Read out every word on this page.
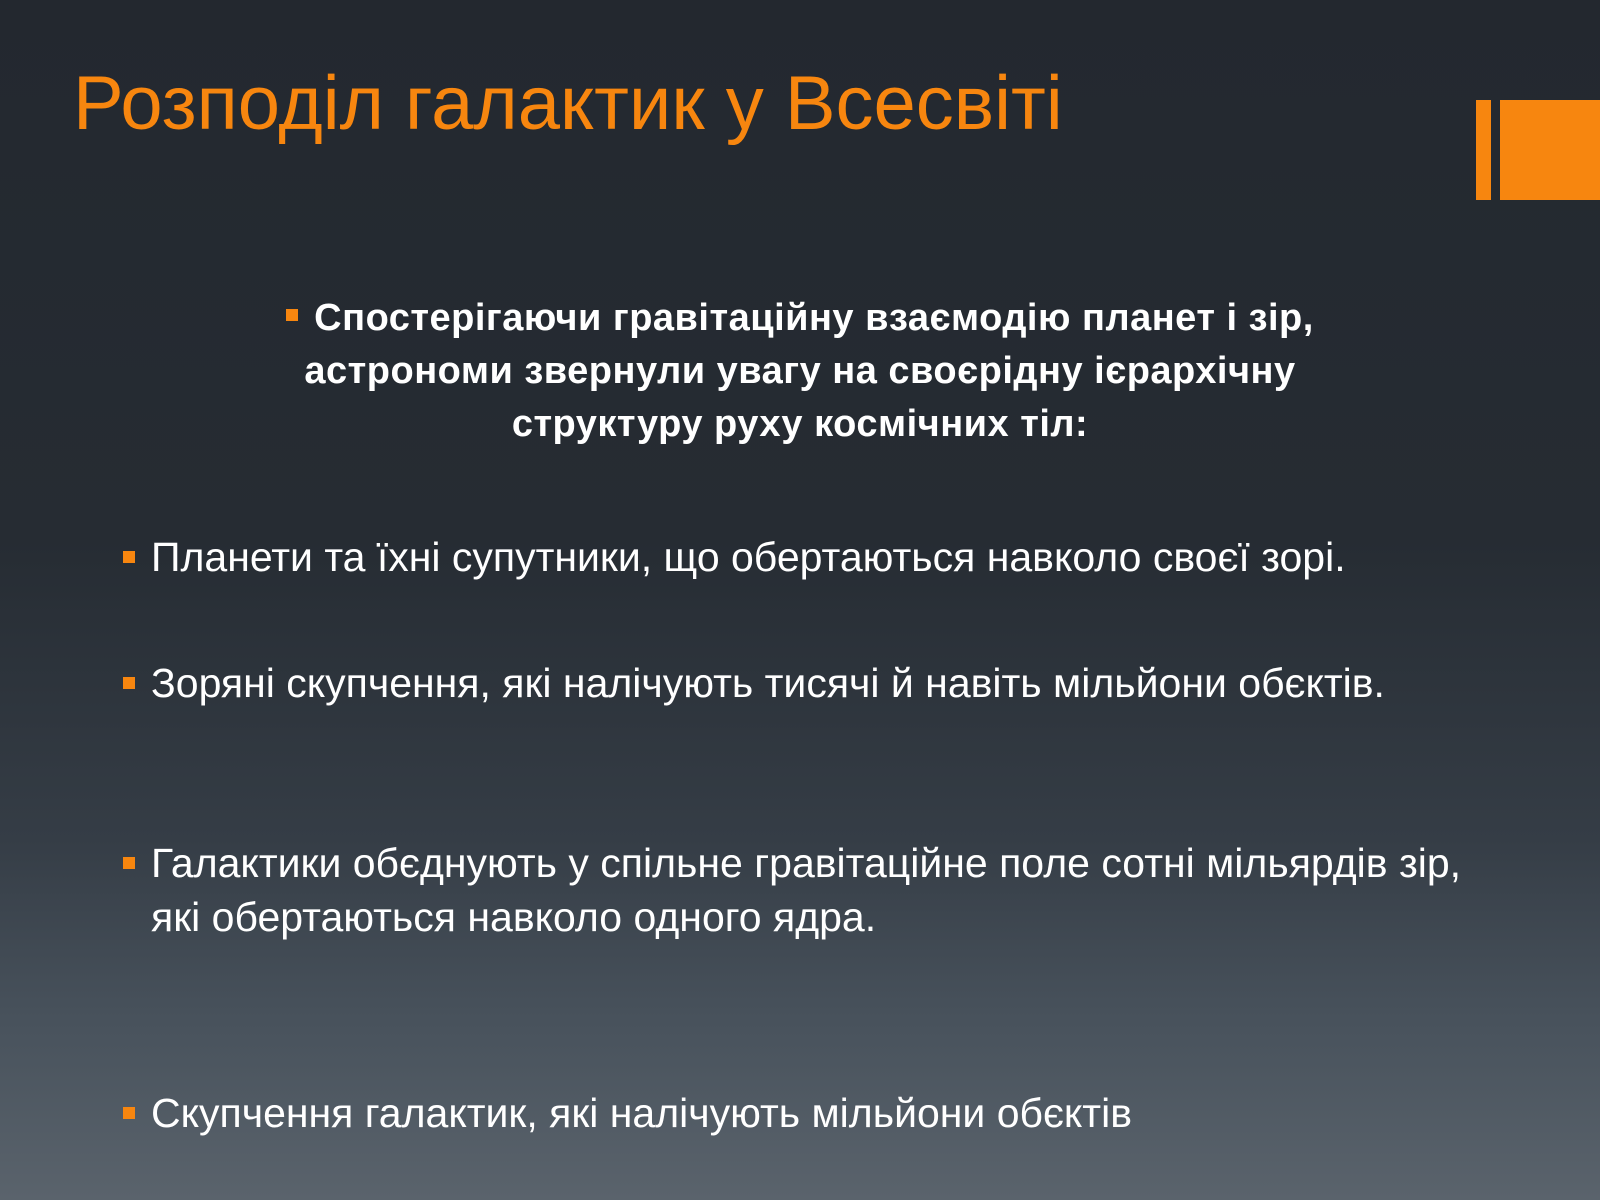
Розподіл галактик у Всесвіті

Спостерігаючи гравітаційну взаємодію планет і зір, астрономи звернули увагу на своєрідну ієрархічну структуру руху космічних тіл:

Планети та їхні супутники, що обертаються навколо своєї зорі.
Зоряні скупчення, які налічують тисячі й навіть мільйони обєктів.
Галактики обєднують у спільне гравітаційне поле сотні мільярдів зір, які обертаються навколо одного ядра.
Скупчення галактик, які налічують мільйони обєктів
